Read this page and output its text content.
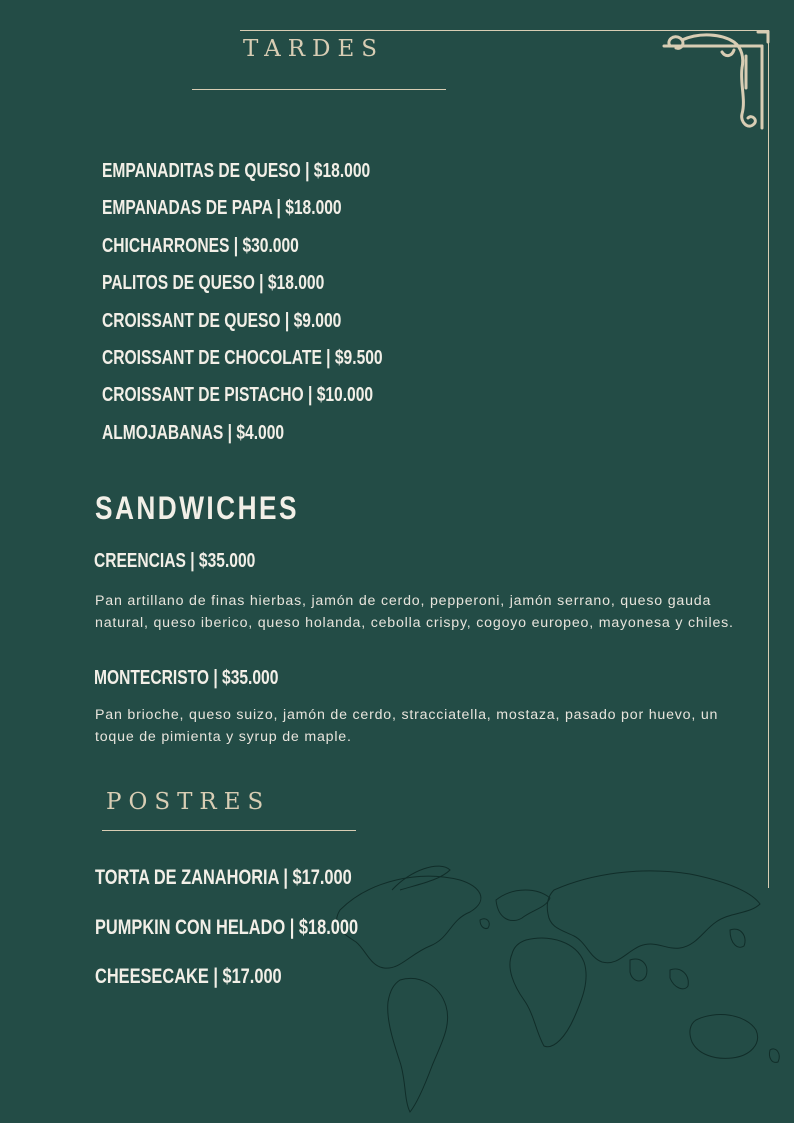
TARDES
EMPANADITAS DE QUESO | $18.000
EMPANADAS DE PAPA | $18.000
CHICHARRONES | $30.000
PALITOS DE QUESO | $18.000
CROISSANT DE QUESO | $9.000
CROISSANT DE CHOCOLATE | $9.500
CROISSANT DE PISTACHO | $10.000
ALMOJABANAS | $4.000
SANDWICHES
CREENCIAS | $35.000

Pan artillano de finas hierbas, jamón de cerdo, pepperoni, jamón serrano, queso gauda natural, queso iberico, queso holanda, cebolla crispy, cogoyo europeo, mayonesa y chiles.

MONTECRISTO | $35.000

Pan brioche, queso suizo, jamón de cerdo, stracciatella, mostaza, pasado por huevo, un toque de pimienta y syrup de maple.

POSTRES
TORTA DE ZANAHORIA | $17.000
PUMPKIN CON HELADO | $18.000
CHEESECAKE | $17.000
